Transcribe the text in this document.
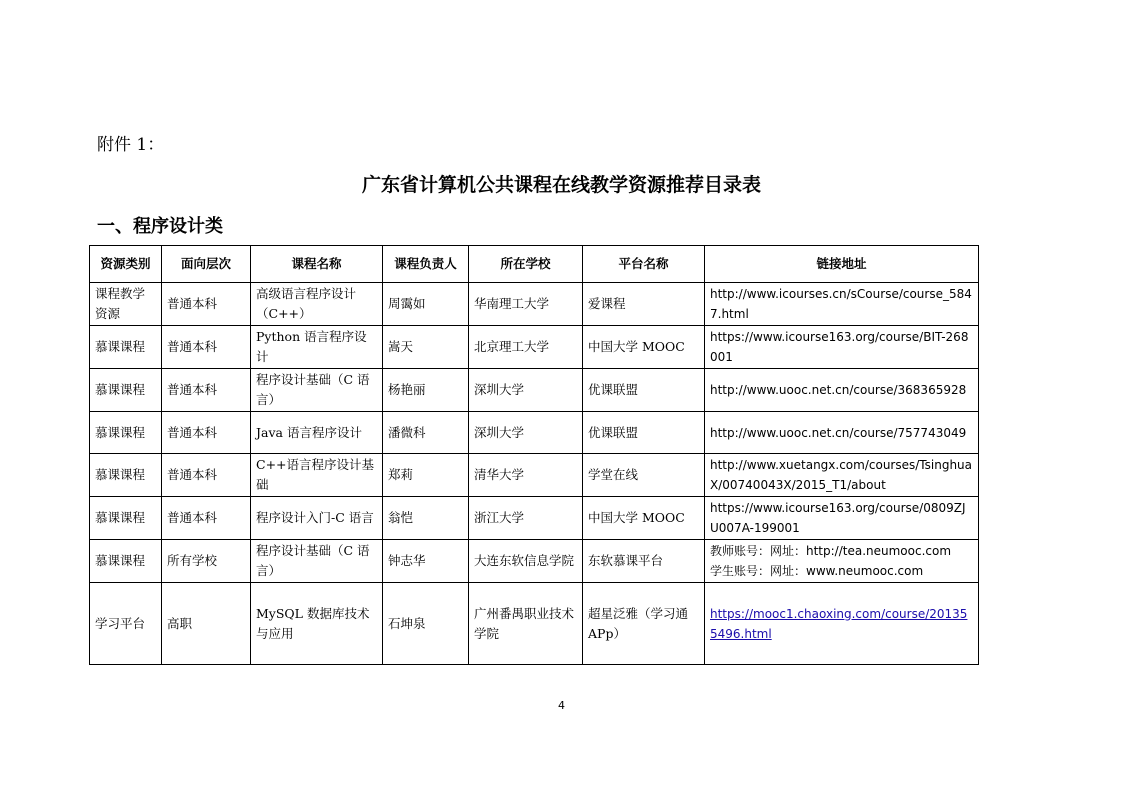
附件 1：
广东省计算机公共课程在线教学资源推荐目录表
一、程序设计类
资源类别	面向层次	课程名称	课程负责人	所在学校	平台名称	链接地址
课程教学资源	普通本科	高级语言程序设计（C++）	周霭如	华南理工大学	爱课程	http://www.icourses.cn/sCourse/course_5847.html
慕课课程	普通本科	Python 语言程序设计	嵩天	北京理工大学	中国大学 MOOC	https://www.icourse163.org/course/BIT-268001
慕课课程	普通本科	程序设计基础（C 语言）	杨艳丽	深圳大学	优课联盟	http://www.uooc.net.cn/course/368365928
慕课课程	普通本科	Java 语言程序设计	潘微科	深圳大学	优课联盟	http://www.uooc.net.cn/course/757743049
慕课课程	普通本科	C++语言程序设计基础	郑莉	清华大学	学堂在线	http://www.xuetangx.com/courses/TsinghuaX/00740043X/2015_T1/about
慕课课程	普通本科	程序设计入门-C 语言	翁恺	浙江大学	中国大学 MOOC	https://www.icourse163.org/course/0809ZJU007A-199001
慕课课程	所有学校	程序设计基础（C 语言）	钟志华	大连东软信息学院	东软慕课平台	教师账号：网址：http://tea.neumooc.com
学生账号：网址：www.neumooc.com

学习平台	高职	MySQL 数据库技术与应用	石坤泉	广州番禺职业技术学院	超星泛雅（学习通 APp）	https://mooc1.chaoxing.com/course/201355496.html
4
